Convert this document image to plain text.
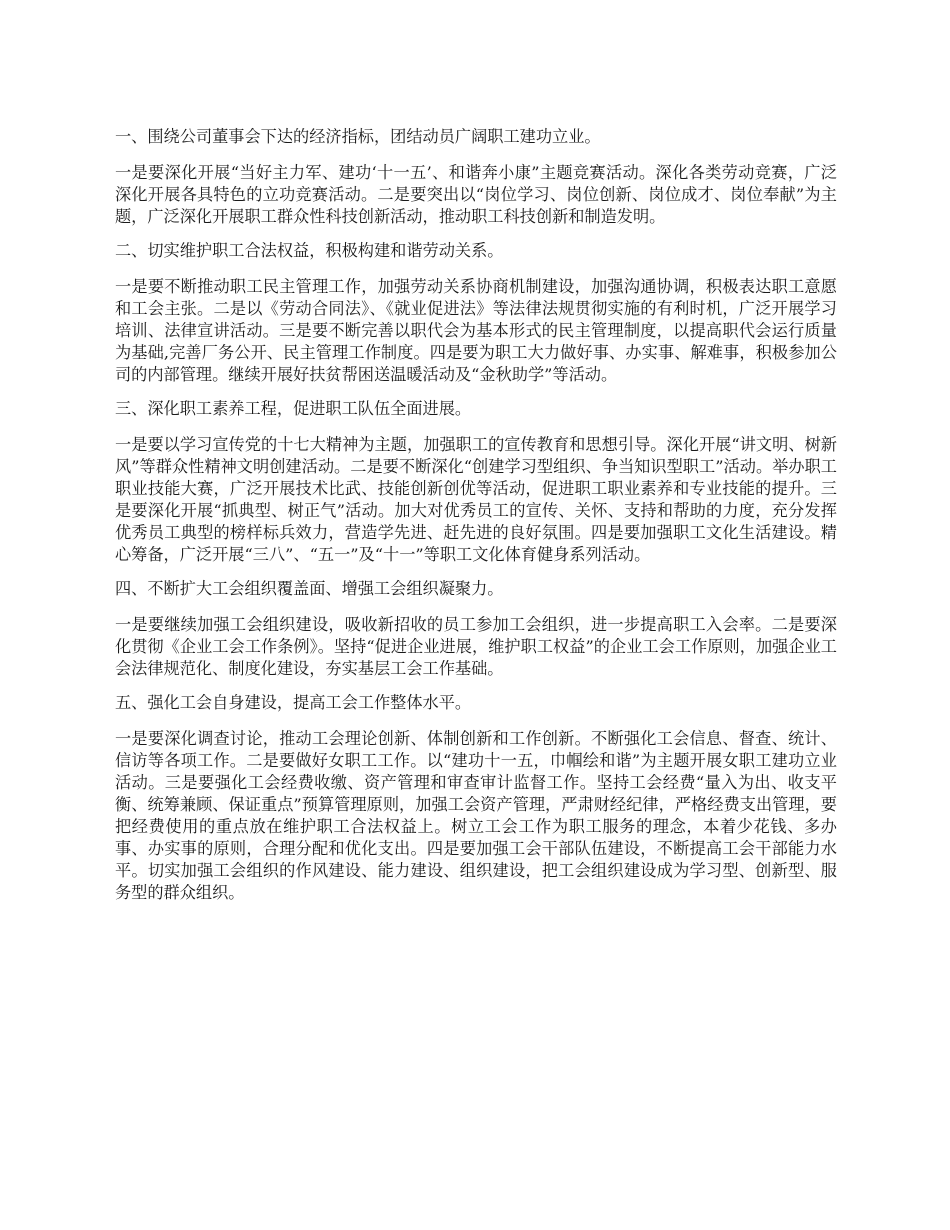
一、围绕公司董事会下达的经济指标，团结动员广阔职工建功立业。

一是要深化开展“当好主力军、建功‘十一五’、和谐奔小康”主题竞赛活动。深化各类劳动竞赛，广泛深化开展各具特色的立功竞赛活动。二是要突出以“岗位学习、岗位创新、岗位成才、岗位奉献”为主题，广泛深化开展职工群众性科技创新活动，推动职工科技创新和制造发明。

二、切实维护职工合法权益，积极构建和谐劳动关系。

一是要不断推动职工民主管理工作，加强劳动关系协商机制建设，加强沟通协调，积极表达职工意愿和工会主张。二是以《劳动合同法》、《就业促进法》等法律法规贯彻实施的有利时机，广泛开展学习培训、法律宣讲活动。三是要不断完善以职代会为基本形式的民主管理制度，以提高职代会运行质量为基础,完善厂务公开、民主管理工作制度。四是要为职工大力做好事、办实事、解难事，积极参加公司的内部管理。继续开展好扶贫帮困送温暖活动及“金秋助学”等活动。

三、深化职工素养工程，促进职工队伍全面进展。

一是要以学习宣传党的十七大精神为主题，加强职工的宣传教育和思想引导。深化开展“讲文明、树新风”等群众性精神文明创建活动。二是要不断深化“创建学习型组织、争当知识型职工”活动。举办职工职业技能大赛，广泛开展技术比武、技能创新创优等活动，促进职工职业素养和专业技能的提升。三是要深化开展“抓典型、树正气”活动。加大对优秀员工的宣传、关怀、支持和帮助的力度，充分发挥优秀员工典型的榜样标兵效力，营造学先进、赶先进的良好氛围。四是要加强职工文化生活建设。精心筹备，广泛开展“三八”、“五一”及“十一”等职工文化体育健身系列活动。

四、不断扩大工会组织覆盖面、增强工会组织凝聚力。

一是要继续加强工会组织建设，吸收新招收的员工参加工会组织，进一步提高职工入会率。二是要深化贯彻《企业工会工作条例》。坚持“促进企业进展，维护职工权益”的企业工会工作原则，加强企业工会法律规范化、制度化建设，夯实基层工会工作基础。

五、强化工会自身建设，提高工会工作整体水平。

一是要深化调查讨论，推动工会理论创新、体制创新和工作创新。不断强化工会信息、督查、统计、信访等各项工作。二是要做好女职工工作。以“建功十一五，巾帼绘和谐”为主题开展女职工建功立业活动。三是要强化工会经费收缴、资产管理和审查审计监督工作。坚持工会经费“量入为出、收支平衡、统筹兼顾、保证重点”预算管理原则，加强工会资产管理，严肃财经纪律，严格经费支出管理，要把经费使用的重点放在维护职工合法权益上。树立工会工作为职工服务的理念，本着少花钱、多办事、办实事的原则，合理分配和优化支出。四是要加强工会干部队伍建设，不断提高工会干部能力水平。切实加强工会组织的作风建设、能力建设、组织建设，把工会组织建设成为学习型、创新型、服务型的群众组织。
